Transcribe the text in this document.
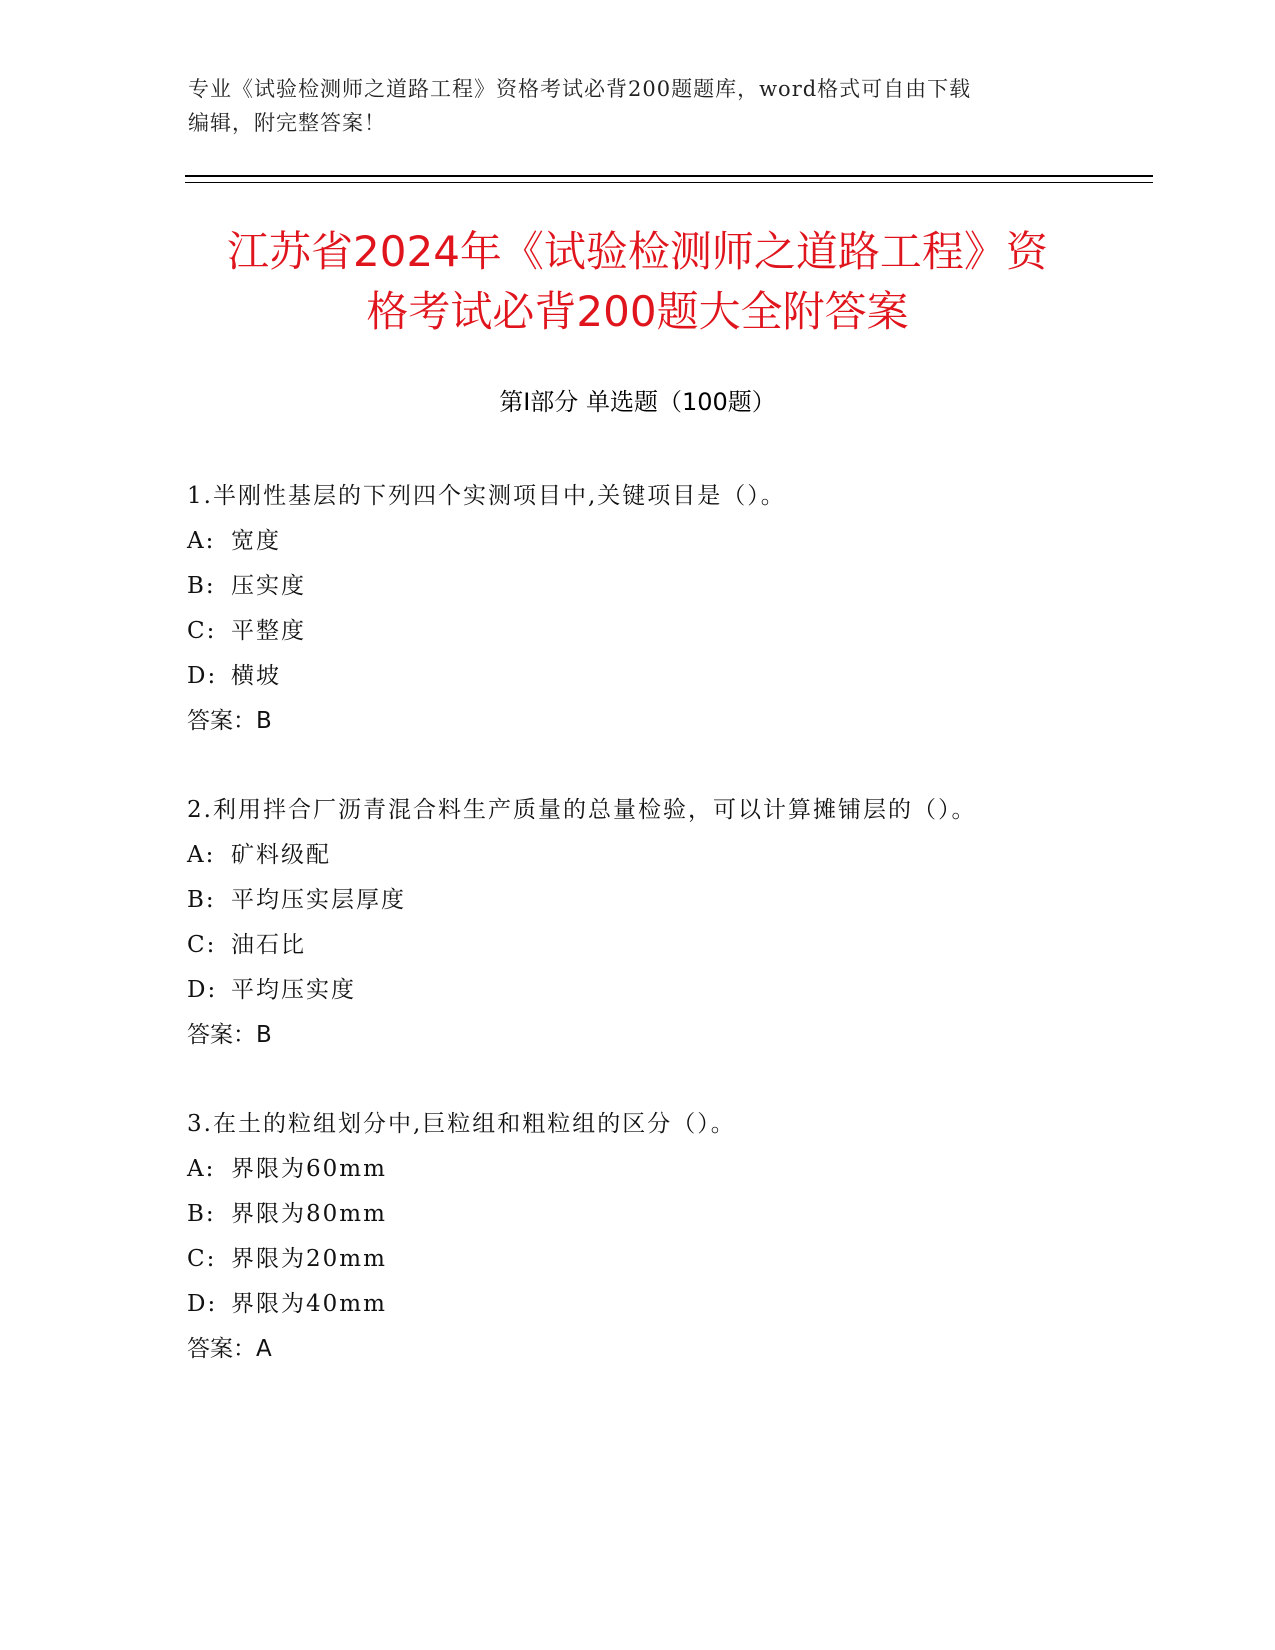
专业《试验检测师之道路工程》资格考试必背200题题库，word格式可自由下载
编辑，附完整答案！
江苏省2024年《试验检测师之道路工程》资
格考试必背200题大全附答案
第Ⅰ部分 单选题（100题）
1.半刚性基层的下列四个实测项目中,关键项目是（）。
A: 宽度
B: 压实度
C: 平整度
D: 横坡
答案：B
2.利用拌合厂沥青混合料生产质量的总量检验，可以计算摊铺层的（）。
A: 矿料级配
B: 平均压实层厚度
C: 油石比
D: 平均压实度
答案：B
3.在土的粒组划分中,巨粒组和粗粒组的区分（）。
A: 界限为60mm
B: 界限为80mm
C: 界限为20mm
D: 界限为40mm
答案：A
